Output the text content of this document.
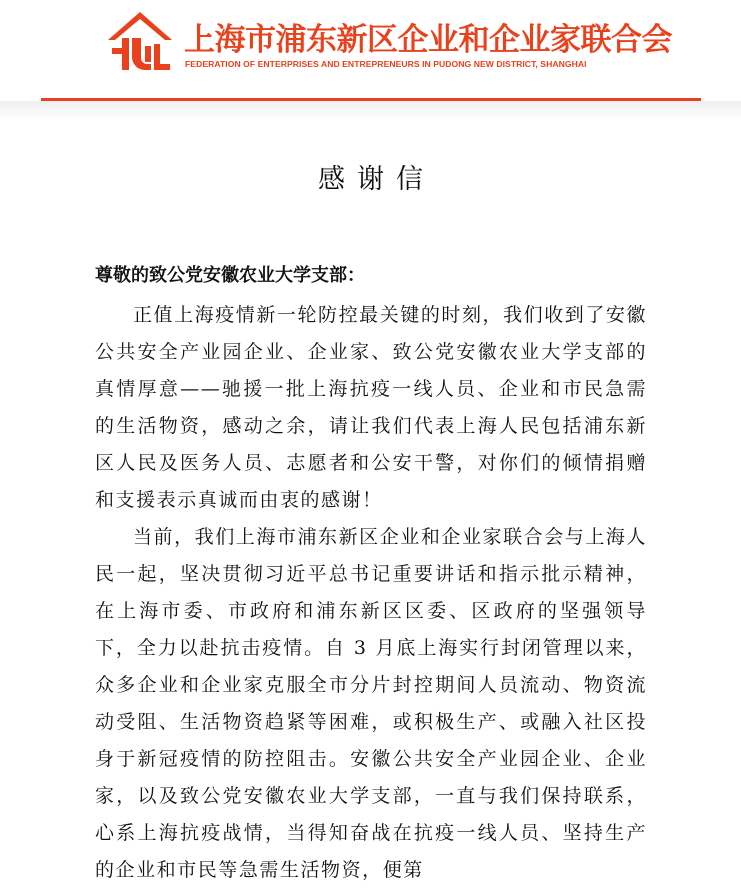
上海市浦东新区企业和企业家联合会
FEDERATION OF ENTERPRISES AND ENTREPRENEURS IN PUDONG NEW DISTRICT, SHANGHAI
感谢信
尊敬的致公党安徽农业大学支部：

正值上海疫情新一轮防控最关键的时刻，我们收到了安徽公共安全产业园企业、企业家、致公党安徽农业大学支部的真情厚意——驰援一批上海抗疫一线人员、企业和市民急需的生活物资，感动之余，请让我们代表上海人民包括浦东新区人民及医务人员、志愿者和公安干警，对你们的倾情捐赠和支援表示真诚而由衷的感谢！

当前，我们上海市浦东新区企业和企业家联合会与上海人民一起，坚决贯彻习近平总书记重要讲话和指示批示精神，在上海市委、市政府和浦东新区区委、区政府的坚强领导下，全力以赴抗击疫情。自 3 月底上海实行封闭管理以来，众多企业和企业家克服全市分片封控期间人员流动、物资流动受阻、生活物资趋紧等困难，或积极生产、或融入社区投身于新冠疫情的防控阻击。安徽公共安全产业园企业、企业家，以及致公党安徽农业大学支部，一直与我们保持联系，心系上海抗疫战情，当得知奋战在抗疫一线人员、坚持生产的企业和市民等急需生活物资，便第
